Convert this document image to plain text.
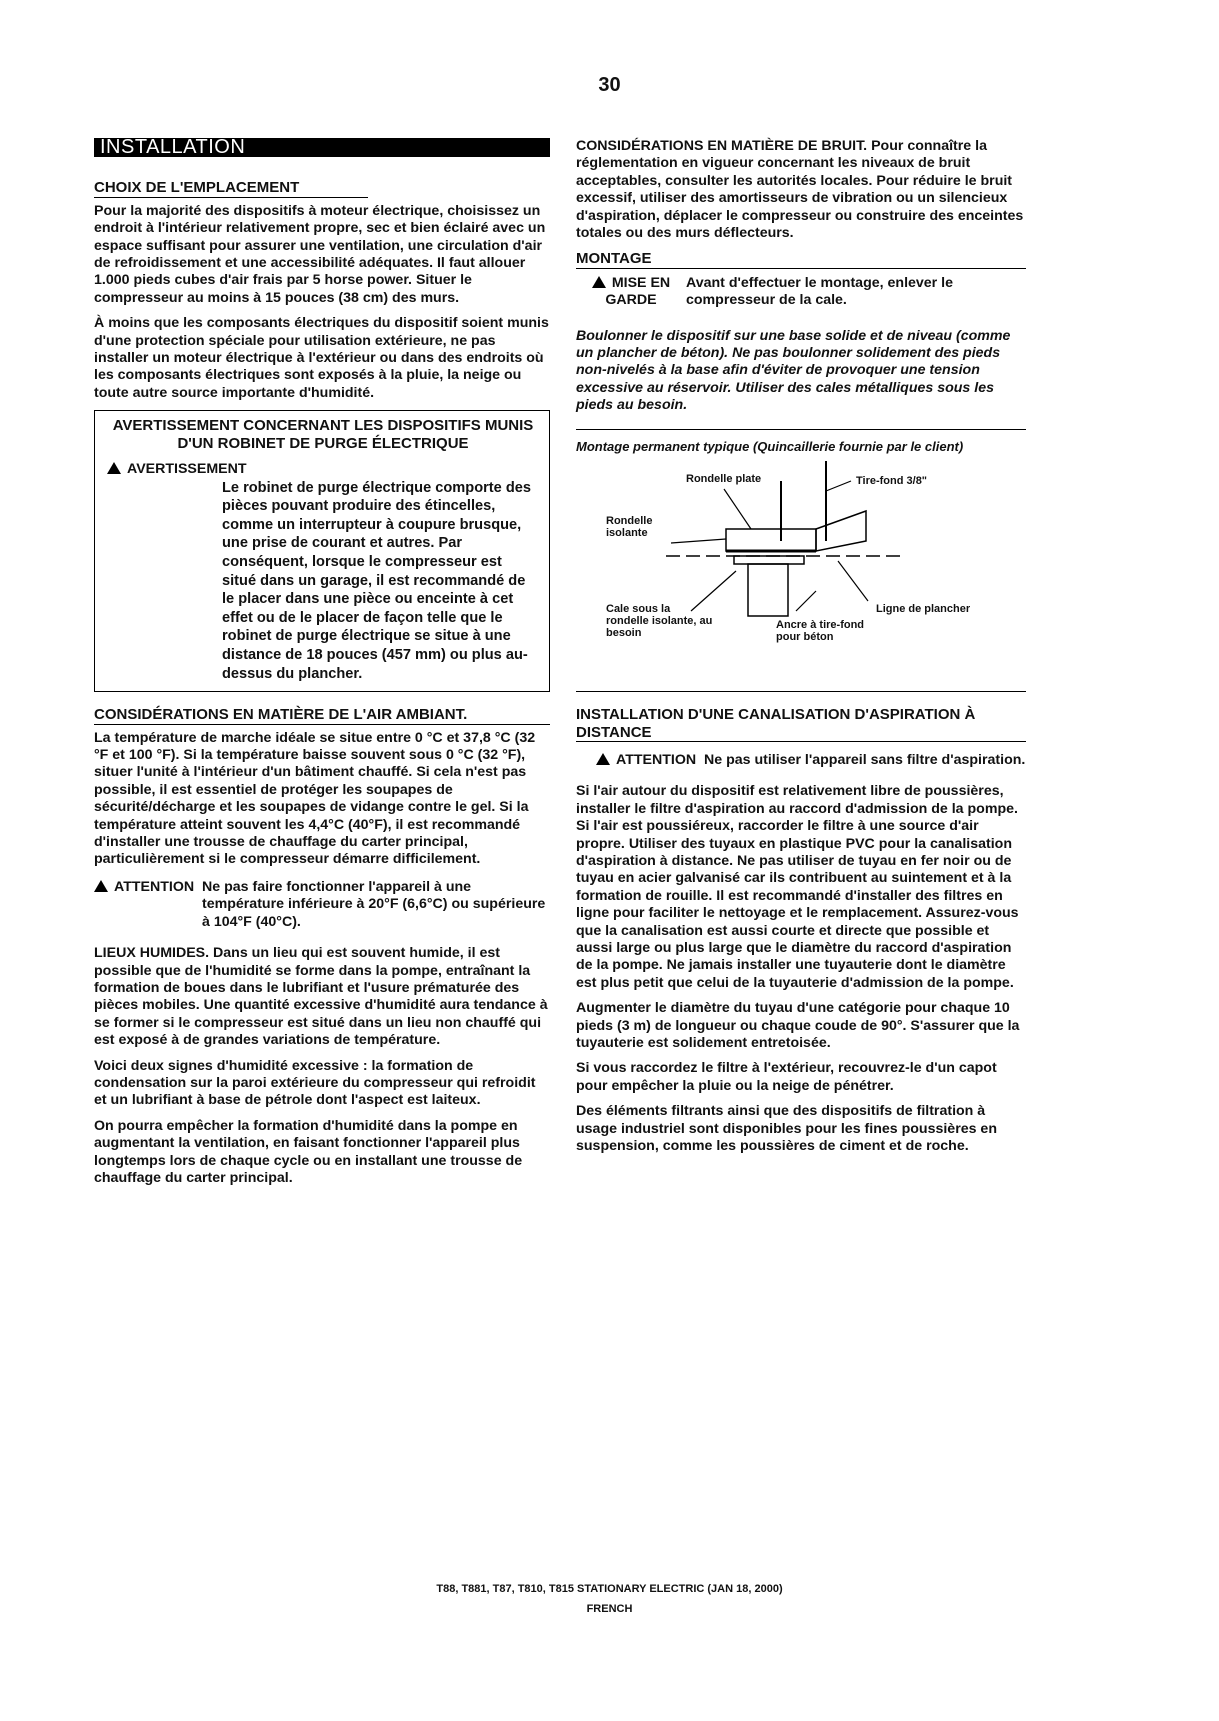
30
INSTALLATION
CHOIX DE L'EMPLACEMENT

Pour la majorité des dispositifs à moteur électrique, choisissez un endroit à l'intérieur relativement propre, sec et bien éclairé avec un espace suffisant pour assurer une ventilation, une circulation d'air de refroidissement et une accessibilité adéquates. Il faut allouer 1.000 pieds cubes d'air frais par 5 horse power. Situer le compresseur au moins à 15 pouces (38 cm) des murs.

À moins que les composants électriques du dispositif soient munis d'une protection spéciale pour utilisation extérieure, ne pas installer un moteur électrique à l'extérieur ou dans des endroits où les composants électriques sont exposés à la pluie, la neige ou toute autre source importante d'humidité.

AVERTISSEMENT CONCERNANT LES DISPOSITIFS MUNIS D'UN ROBINET DE PURGE ÉLECTRIQUE
AVERTISSEMENT
Le robinet de purge électrique comporte des pièces pouvant produire des étincelles, comme un interrupteur à coupure brusque, une prise de courant et autres. Par conséquent, lorsque le compresseur est situé dans un garage, il est recommandé de le placer dans une pièce ou enceinte à cet effet ou de le placer de façon telle que le robinet de purge électrique se situe à une distance de 18 pouces (457 mm) ou plus au-dessus du plancher.
CONSIDÉRATIONS EN MATIÈRE DE L'AIR AMBIANT.

La température de marche idéale se situe entre 0 °C et 37,8 °C (32 °F et 100 °F). Si la température baisse souvent sous 0 °C (32 °F), situer l'unité à l'intérieur d'un bâtiment chauffé. Si cela n'est pas possible, il est essentiel de protéger les soupapes de sécurité/décharge et les soupapes de vidange contre le gel. Si la température atteint souvent les 4,4°C (40°F), il est recommandé d'installer une trousse de chauffage du carter principal, particulièrement si le compresseur démarre difficilement.

ATTENTION Ne pas faire fonctionner l'appareil à une température inférieure à 20°F (6,6°C) ou supérieure à 104°F (40°C).

LIEUX HUMIDES. Dans un lieu qui est souvent humide, il est possible que de l'humidité se forme dans la pompe, entraînant la formation de boues dans le lubrifiant et l'usure prématurée des pièces mobiles. Une quantité excessive d'humidité aura tendance à se former si le compresseur est situé dans un lieu non chauffé qui est exposé à de grandes variations de température.

Voici deux signes d'humidité excessive : la formation de condensation sur la paroi extérieure du compresseur qui refroidit et un lubrifiant à base de pétrole dont l'aspect est laiteux.

On pourra empêcher la formation d'humidité dans la pompe en augmentant la ventilation, en faisant fonctionner l'appareil plus longtemps lors de chaque cycle ou en installant une trousse de chauffage du carter principal.

CONSIDÉRATIONS EN MATIÈRE DE BRUIT. Pour connaître la réglementation en vigueur concernant les niveaux de bruit acceptables, consulter les autorités locales. Pour réduire le bruit excessif, utiliser des amortisseurs de vibration ou un silencieux d'aspiration, déplacer le compresseur ou construire des enceintes totales ou des murs déflecteurs.

MONTAGE
MISE EN GARDE
Avant d'effectuer le montage, enlever le compresseur de la cale.

Boulonner le dispositif sur une base solide et de niveau (comme un plancher de béton). Ne pas boulonner solidement des pieds non-nivelés à la base afin d'éviter de provoquer une tension excessive au réservoir. Utiliser des cales métalliques sous les pieds au besoin.

Montage permanent typique (Quincaillerie fournie par le client)
Rondelle plate	Tire-fond 3/8"
Rondelle isolante
Ligne de plancher
Cale sous la rondelle isolante, au besoin
Ancre à tire-fond pour béton
INSTALLATION D'UNE CANALISATION D'ASPIRATION À DISTANCE
ATTENTION Ne pas utiliser l'appareil sans filtre d'aspiration.

Si l'air autour du dispositif est relativement libre de poussières, installer le filtre d'aspiration au raccord d'admission de la pompe. Si l'air est poussiéreux, raccorder le filtre à une source d'air propre. Utiliser des tuyaux en plastique PVC pour la canalisation d'aspiration à distance. Ne pas utiliser de tuyau en fer noir ou de tuyau en acier galvanisé car ils contribuent au suintement et à la formation de rouille. Il est recommandé d'installer des filtres en ligne pour faciliter le nettoyage et le remplacement. Assurez-vous que la canalisation est aussi courte et directe que possible et aussi large ou plus large que le diamètre du raccord d'aspiration de la pompe. Ne jamais installer une tuyauterie dont le diamètre est plus petit que celui de la tuyauterie d'admission de la pompe.

Augmenter le diamètre du tuyau d'une catégorie pour chaque 10 pieds (3 m) de longueur ou chaque coude de 90°. S'assurer que la tuyauterie est solidement entretoisée.

Si vous raccordez le filtre à l'extérieur, recouvrez-le d'un capot pour empêcher la pluie ou la neige de pénétrer.

Des éléments filtrants ainsi que des dispositifs de filtration à usage industriel sont disponibles pour les fines poussières en suspension, comme les poussières de ciment et de roche.

T88, T881, T87, T810, T815 STATIONARY ELECTRIC (JAN 18, 2000)
FRENCH
